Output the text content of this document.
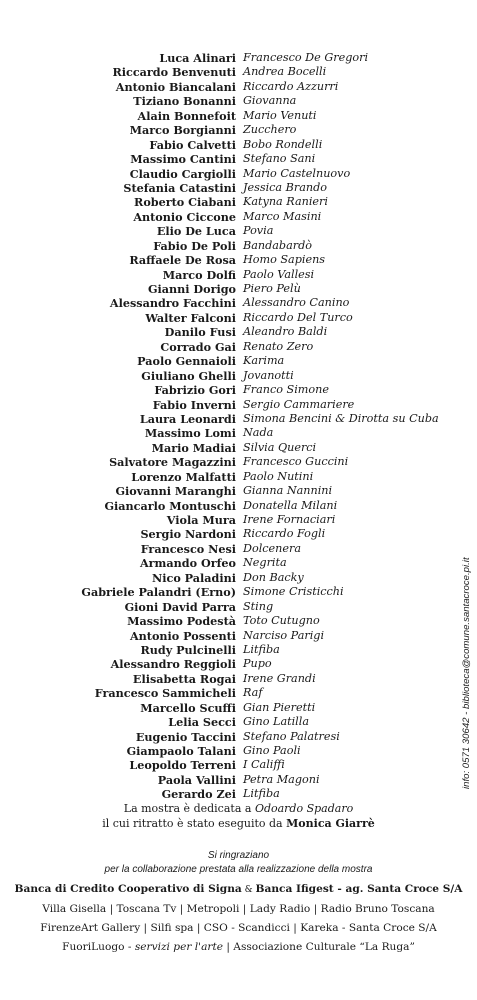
Luca Alinari Francesco De Gregori
Riccardo Benvenuti Andrea Bocelli
Antonio Biancalani Riccardo Azzurri
Tiziano Bonanni Giovanna
Alain Bonnefoit Mario Venuti
Marco Borgianni Zucchero
Fabio Calvetti Bobo Rondelli
Massimo Cantini Stefano Sani
Claudio Cargiolli Mario Castelnuovo
Stefania Catastini Jessica Brando
Roberto Ciabani Katyna Ranieri
Antonio Ciccone Marco Masini
Elio De Luca Povia
Fabio De Poli Bandabardò
Raffaele De Rosa Homo Sapiens
Marco Dolfi Paolo Vallesi
Gianni Dorigo Piero Pelù
Alessandro Facchini Alessandro Canino
Walter Falconi Riccardo Del Turco
Danilo Fusi Aleandro Baldi
Corrado Gai Renato Zero
Paolo Gennaioli Karima
Giuliano Ghelli Jovanotti
Fabrizio Gori Franco Simone
Fabio Inverni Sergio Cammariere
Laura Leonardi Simona Bencini & Dirotta su Cuba
Massimo Lomi Nada
Mario Madiai Silvia Querci
Salvatore Magazzini Francesco Guccini
Lorenzo Malfatti Paolo Nutini
Giovanni Maranghi Gianna Nannini
Giancarlo Montuschi Donatella Milani
Viola Mura Irene Fornaciari
Sergio Nardoni Riccardo Fogli
Francesco Nesi Dolcenera
Armando Orfeo Negrita
Nico Paladini Don Backy
Gabriele Palandri (Erno) Simone Cristicchi
Gioni David Parra Sting
Massimo Podestà Toto Cutugno
Antonio Possenti Narciso Parigi
Rudy Pulcinelli Litfiba
Alessandro Reggioli Pupo
Elisabetta Rogai Irene Grandi
Francesco Sammicheli Raf
Marcello Scuffi Gian Pieretti
Lelia Secci Gino Latilla
Eugenio Taccini Stefano Palatresi
Giampaolo Talani Gino Paoli
Leopoldo Terreni I Califfi
Paola Vallini Petra Magoni
Gerardo Zei Litfiba
La mostra è dedicata a Odoardo Spadaro
il cui ritratto è stato eseguito da Monica Giarrè
Si ringraziano
per la collaborazione prestata alla realizzazione della mostra
Banca di Credito Cooperativo di Signa & Banca Ifigest - ag. Santa Croce S/A
Villa Gisella | Toscana Tv | Metropoli | Lady Radio | Radio Bruno Toscana
FirenzeArt Gallery | Silfi spa | CSO - Scandicci | Kareka - Santa Croce S/A
FuoriLuogo - servizi per l'arte | Associazione Culturale “La Ruga”
info: 0571 30642 - biblioteca@comune.santacroce.pi.it
